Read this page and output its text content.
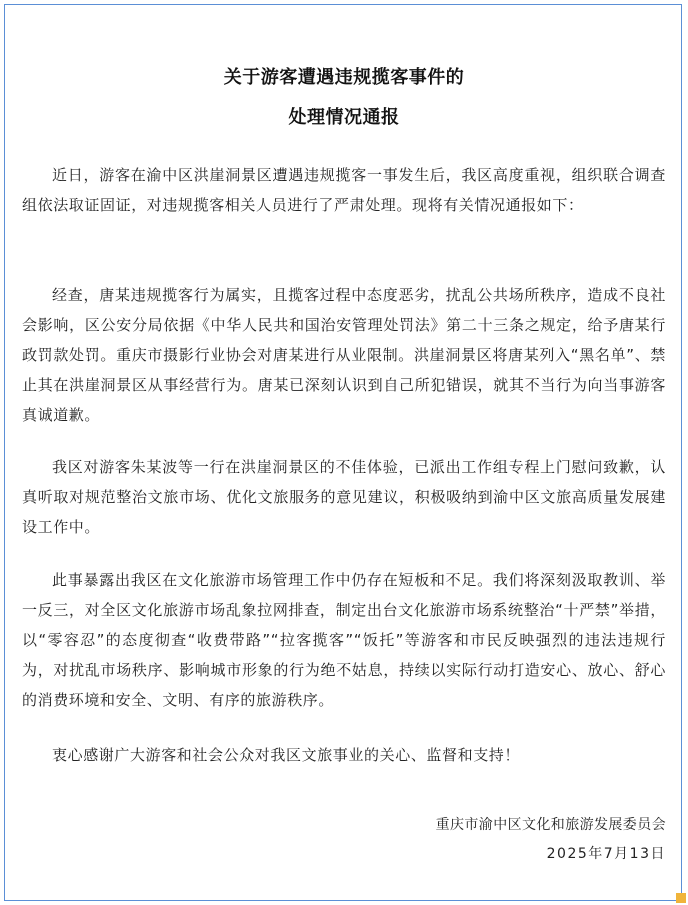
关于游客遭遇违规揽客事件的
处理情况通报
近日，游客在渝中区洪崖洞景区遭遇违规揽客一事发生后，我区高度重视，组织联合调查组依法取证固证，对违规揽客相关人员进行了严肃处理。现将有关情况通报如下：
经查，唐某违规揽客行为属实，且揽客过程中态度恶劣，扰乱公共场所秩序，造成不良社会影响，区公安分局依据《中华人民共和国治安管理处罚法》第二十三条之规定，给予唐某行政罚款处罚。重庆市摄影行业协会对唐某进行从业限制。洪崖洞景区将唐某列入“黑名单”、禁止其在洪崖洞景区从事经营行为。唐某已深刻认识到自己所犯错误，就其不当行为向当事游客真诚道歉。
我区对游客朱某波等一行在洪崖洞景区的不佳体验，已派出工作组专程上门慰问致歉，认真听取对规范整治文旅市场、优化文旅服务的意见建议，积极吸纳到渝中区文旅高质量发展建设工作中。
此事暴露出我区在文化旅游市场管理工作中仍存在短板和不足。我们将深刻汲取教训、举一反三，对全区文化旅游市场乱象拉网排查，制定出台文化旅游市场系统整治“十严禁”举措，以“零容忍”的态度彻查“收费带路”“拉客揽客”“饭托”等游客和市民反映强烈的违法违规行为，对扰乱市场秩序、影响城市形象的行为绝不姑息，持续以实际行动打造安心、放心、舒心的消费环境和安全、文明、有序的旅游秩序。
衷心感谢广大游客和社会公众对我区文旅事业的关心、监督和支持！
重庆市渝中区文化和旅游发展委员会
2025年7月13日
